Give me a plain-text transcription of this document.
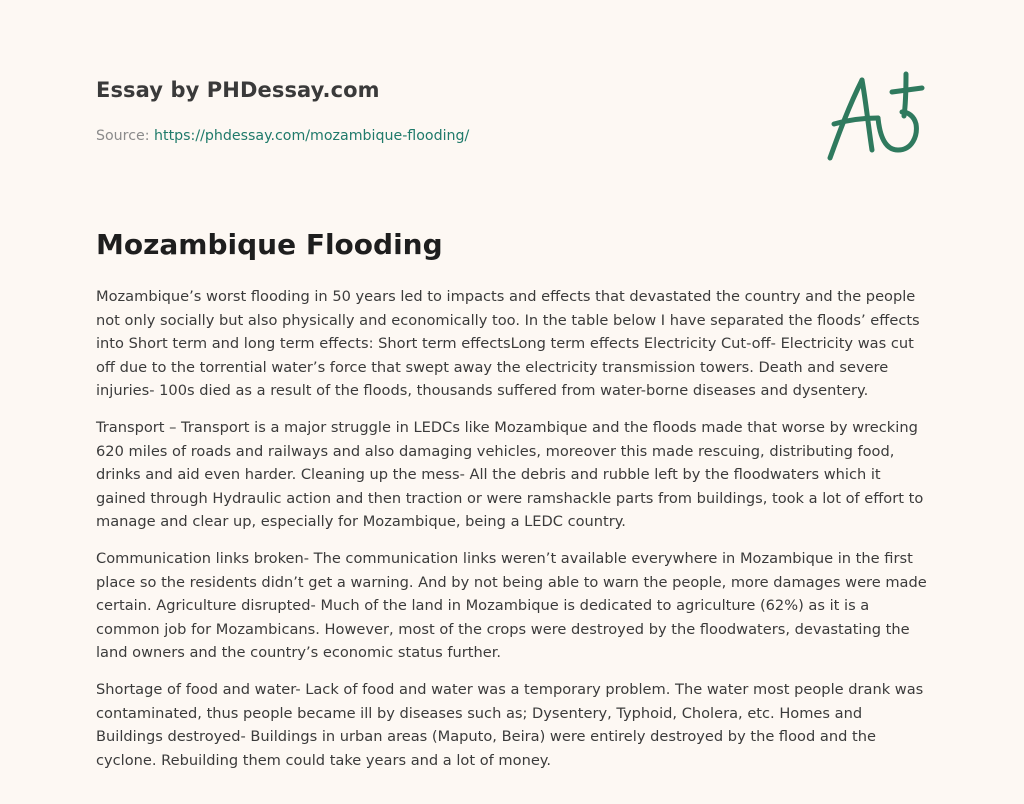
Essay by PHDessay.com
Source: https://phdessay.com/mozambique-flooding/
Mozambique Flooding

Mozambique’s worst flooding in 50 years led to impacts and effects that devastated the country and the people not only socially but also physically and economically too. In the table below I have separated the floods’ effects into Short term and long term effects: Short term effectsLong term effects Electricity Cut-off- Electricity was cut off due to the torrential water’s force that swept away the electricity transmission towers. Death and severe injuries- 100s died as a result of the floods, thousands suffered from water-borne diseases and dysentery.

Transport – Transport is a major struggle in LEDCs like Mozambique and the floods made that worse by wrecking 620 miles of roads and railways and also damaging vehicles, moreover this made rescuing, distributing food, drinks and aid even harder. Cleaning up the mess- All the debris and rubble left by the floodwaters which it gained through Hydraulic action and then traction or were ramshackle parts from buildings, took a lot of effort to manage and clear up, especially for Mozambique, being a LEDC country.

Communication links broken- The communication links weren’t available everywhere in Mozambique in the first place so the residents didn’t get a warning. And by not being able to warn the people, more damages were made certain. Agriculture disrupted- Much of the land in Mozambique is dedicated to agriculture (62%) as it is a common job for Mozambicans. However, most of the crops were destroyed by the floodwaters, devastating the land owners and the country’s economic status further.

Shortage of food and water- Lack of food and water was a temporary problem. The water most people drank was contaminated, thus people became ill by diseases such as; Dysentery, Typhoid, Cholera, etc. Homes and Buildings destroyed- Buildings in urban areas (Maputo, Beira) were entirely destroyed by the flood and the cyclone. Rebuilding them could take years and a lot of money.
